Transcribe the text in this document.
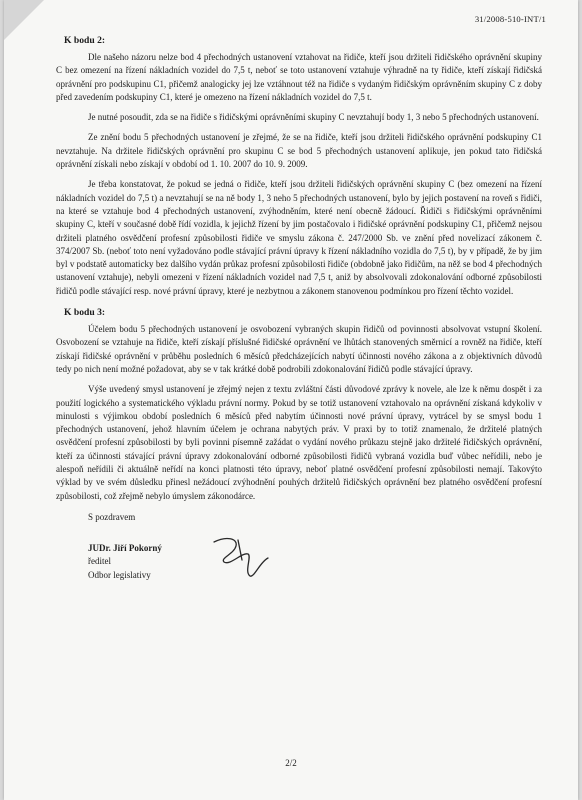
31/2008-510-INT/1
K bodu 2:

Dle našeho názoru nelze bod 4 přechodných ustanovení vztahovat na řidiče, kteří jsou držiteli řidičského oprávnění skupiny C bez omezení na řízení nákladních vozidel do 7,5 t, neboť se toto ustanovení vztahuje výhradně na ty řidiče, kteří získají řidičská oprávnění pro podskupinu C1, přičemž analogicky jej lze vztáhnout též na řidiče s vydaným řidičským oprávněním skupiny C z doby před zavedením podskupiny C1, které je omezeno na řízení nákladních vozidel do 7,5 t.

Je nutné posoudit, zda se na řidiče s řidičskými oprávněními skupiny C nevztahují body 1, 3 nebo 5 přechodných ustanovení.

Ze znění bodu 5 přechodných ustanovení je zřejmé, že se na řidiče, kteří jsou držiteli řidičského oprávnění podskupiny C1 nevztahuje. Na držitele řidičských oprávnění pro skupinu C se bod 5 přechodných ustanovení aplikuje, jen pokud tato řidičská oprávnění získali nebo získají v období od 1. 10. 2007 do 10. 9. 2009.

Je třeba konstatovat, že pokud se jedná o řidiče, kteří jsou držiteli řidičských oprávnění skupiny C (bez omezení na řízení nákladních vozidel do 7,5 t) a nevztahují se na ně body 1, 3 neho 5 přechodných ustanovení, bylo by jejich postavení na roveň s řidiči, na které se vztahuje bod 4 přechodných ustanovení, zvýhodněním, které není obecně žádoucí. Řidiči s řidičskými oprávněními skupiny C, kteří v současné době řídí vozidla, k jejichž řízení by jim postačovalo i řidičské oprávnění podskupiny C1, přičemž nejsou držiteli platného osvědčení profesní způsobilosti řidiče ve smyslu zákona č. 247/2000 Sb. ve znění před novelizací zákonem č. 374/2007 Sb. (neboť toto není vyžadováno podle stávající právní úpravy k řízení nákladního vozidla do 7,5 t), by v případě, že by jim byl v podstatě automaticky bez dalšího vydán průkaz profesní způsobilosti řidiče (obdobně jako řidičům, na něž se bod 4 přechodných ustanovení vztahuje), nebyli omezeni v řízení nákladních vozidel nad 7,5 t, aniž by absolvovali zdokonalování odborné způsobilosti řidičů podle stávající resp. nové právní úpravy, které je nezbytnou a zákonem stanovenou podmínkou pro řízení těchto vozidel.

K bodu 3:

Účelem bodu 5 přechodných ustanovení je osvobození vybraných skupin řidičů od povinnosti absolvovat vstupní školení. Osvobození se vztahuje na řidiče, kteří získají příslušné řidičské oprávnění ve lhůtách stanovených směrnicí a rovněž na řidiče, kteří získají řidičské oprávnění v průběhu posledních 6 měsíců předcházejících nabytí účinnosti nového zákona a z objektivních důvodů tedy po nich není možné požadovat, aby se v tak krátké době podrobili zdokonalování řidičů podle stávající úpravy.

Výše uvedený smysl ustanovení je zřejmý nejen z textu zvláštní části důvodové zprávy k novele, ale lze k němu dospět i za použití logického a systematického výkladu právní normy. Pokud by se totiž ustanovení vztahovalo na oprávnění získaná kdykoliv v minulosti s výjimkou období posledních 6 měsíců před nabytím účinnosti nové právní úpravy, vytrácel by se smysl bodu 1 přechodných ustanovení, jehož hlavním účelem je ochrana nabytých práv. V praxi by to totiž znamenalo, že držitelé platných osvědčení profesní způsobilosti by byli povinni písemně zažádat o vydání nového průkazu stejně jako držitelé řidičských oprávnění, kteří za účinnosti stávající právní úpravy zdokonalování odborné způsobilosti řidičů vybraná vozidla buď vůbec neřídili, nebo je alespoň neřídili či aktuálně neřídí na konci platnosti této úpravy, neboť platné osvědčení profesní způsobilosti nemají. Takovýto výklad by ve svém důsledku přinesl nežádoucí zvýhodnění pouhých držitelů řidičských oprávnění bez platného osvědčení profesní způsobilosti, což zřejmě nebylo úmyslem zákonodárce.

S pozdravem
JUDr. Jiří Pokorný
ředitel
Odbor legislativy
2/2
